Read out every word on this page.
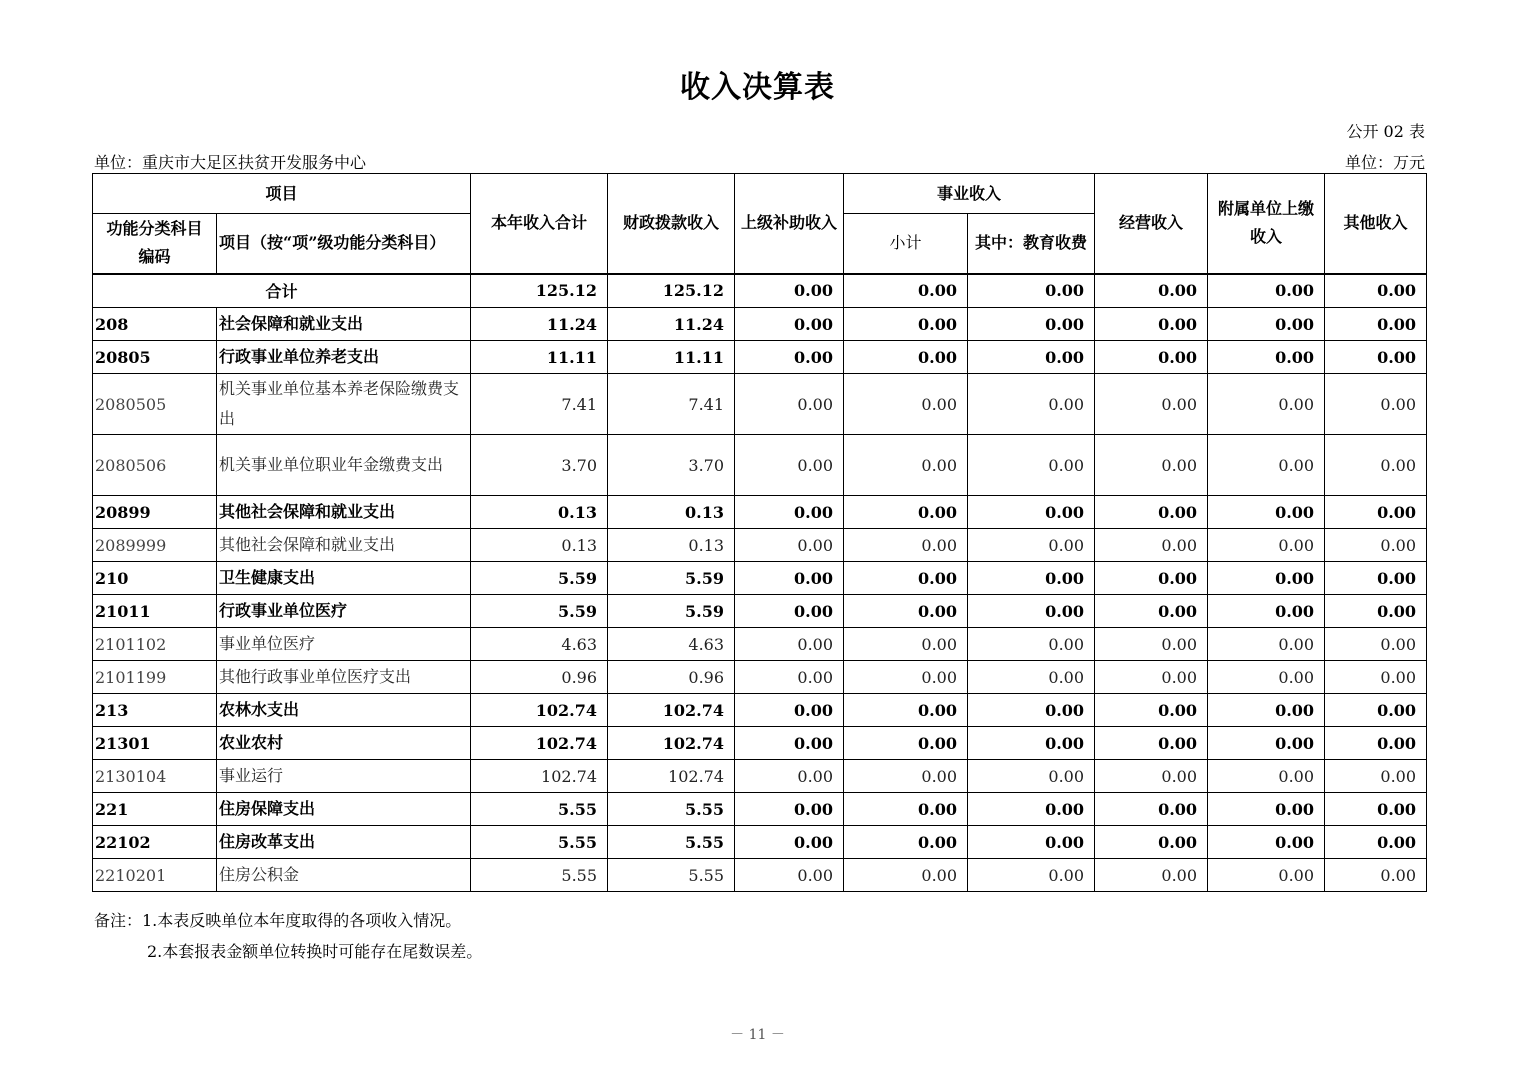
收入决算表
公开 02 表
单位：重庆市大足区扶贫开发服务中心	单位：万元
项目		本年收入合计	财政拨款收入	上级补助收入	事业收入		经营收入	附属单位上缴收入	其他收入
功能分类科目编码	项目（按“项”级功能分类科目）				小计	其中：教育收费			
合计		125.12	125.12	0.00	0.00	0.00	0.00	0.00	0.00
208	社会保障和就业支出	11.24	11.24	0.00	0.00	0.00	0.00	0.00	0.00
20805	行政事业单位养老支出	11.11	11.11	0.00	0.00	0.00	0.00	0.00	0.00
2080505	机关事业单位基本养老保险缴费支出	7.41	7.41	0.00	0.00	0.00	0.00	0.00	0.00
2080506	机关事业单位职业年金缴费支出	3.70	3.70	0.00	0.00	0.00	0.00	0.00	0.00
20899	其他社会保障和就业支出	0.13	0.13	0.00	0.00	0.00	0.00	0.00	0.00
2089999	其他社会保障和就业支出	0.13	0.13	0.00	0.00	0.00	0.00	0.00	0.00
210	卫生健康支出	5.59	5.59	0.00	0.00	0.00	0.00	0.00	0.00
21011	行政事业单位医疗	5.59	5.59	0.00	0.00	0.00	0.00	0.00	0.00
2101102	事业单位医疗	4.63	4.63	0.00	0.00	0.00	0.00	0.00	0.00
2101199	其他行政事业单位医疗支出	0.96	0.96	0.00	0.00	0.00	0.00	0.00	0.00
213	农林水支出	102.74	102.74	0.00	0.00	0.00	0.00	0.00	0.00
21301	农业农村	102.74	102.74	0.00	0.00	0.00	0.00	0.00	0.00
2130104	事业运行	102.74	102.74	0.00	0.00	0.00	0.00	0.00	0.00
221	住房保障支出	5.55	5.55	0.00	0.00	0.00	0.00	0.00	0.00
22102	住房改革支出	5.55	5.55	0.00	0.00	0.00	0.00	0.00	0.00
2210201	住房公积金	5.55	5.55	0.00	0.00	0.00	0.00	0.00	0.00
备注：1.本表反映单位本年度取得的各项收入情况。
2.本套报表金额单位转换时可能存在尾数误差。
－ 11 －
